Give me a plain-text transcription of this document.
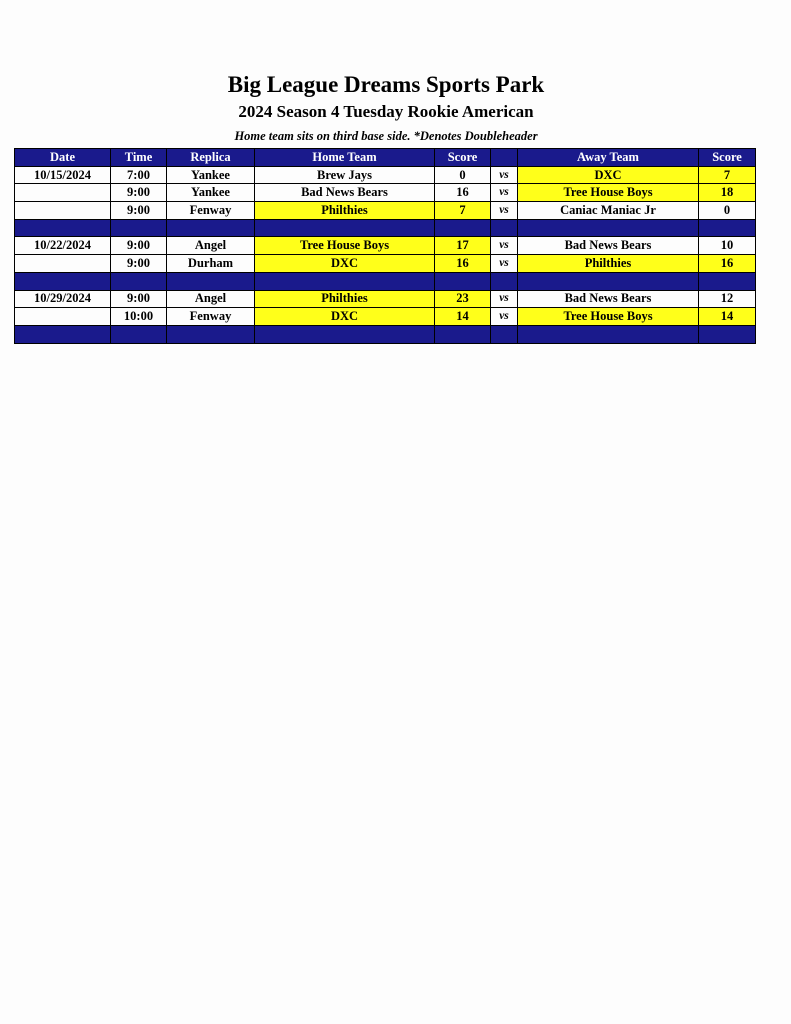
Big League Dreams Sports Park
2024 Season 4 Tuesday Rookie American
Home team sits on third base side. *Denotes Doubleheader
Date	Time	Replica	Home Team	Score		Away Team	Score
10/15/2024	7:00	Yankee	Brew Jays	0	vs	DXC	7
	9:00	Yankee	Bad News Bears	16	vs	Tree House Boys	18
	9:00	Fenway	Philthies	7	vs	Caniac Maniac Jr	0

10/22/2024	9:00	Angel	Tree House Boys	17	vs	Bad News Bears	10
	9:00	Durham	DXC	16	vs	Philthies	16

10/29/2024	9:00	Angel	Philthies	23	vs	Bad News Bears	12
	10:00	Fenway	DXC	14	vs	Tree House Boys	14
